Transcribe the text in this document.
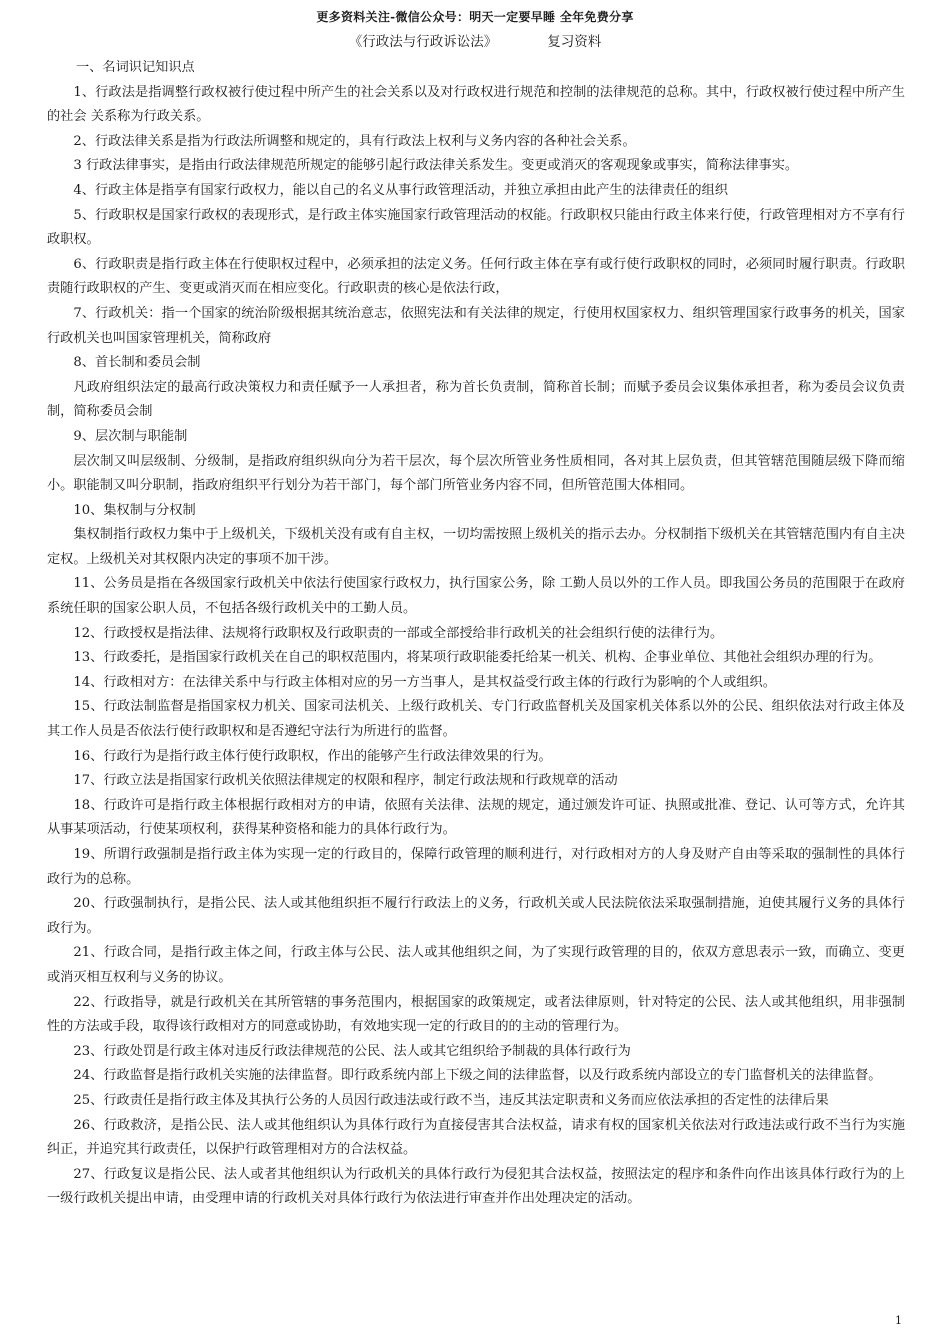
更多资料关注-微信公众号：明天一定要早睡 全年免费分享
《行政法与行政诉讼法》	复习资料

一、名词识记知识点

1、行政法是指调整行政权被行使过程中所产生的社会关系以及对行政权进行规范和控制的法律规范的总称。其中，行政权被行使过程中所产生的社会 关系称为行政关系。

2、行政法律关系是指为行政法所调整和规定的，具有行政法上权利与义务内容的各种社会关系。

3 行政法律事实，是指由行政法律规范所规定的能够引起行政法律关系发生。变更或消灭的客观现象或事实，简称法律事实。

4、行政主体是指享有国家行政权力，能以自己的名义从事行政管理活动，并独立承担由此产生的法律责任的组织

5、行政职权是国家行政权的表现形式，是行政主体实施国家行政管理活动的权能。行政职权只能由行政主体来行使，行政管理相对方不享有行政职权。

6、行政职责是指行政主体在行使职权过程中，必须承担的法定义务。任何行政主体在享有或行使行政职权的同时，必须同时履行职责。行政职责随行政职权的产生、变更或消灭而在相应变化。行政职责的核心是依法行政，

7、行政机关：指一个国家的统治阶级根据其统治意志，依照宪法和有关法律的规定，行使用权国家权力、组织管理国家行政事务的机关，国家行政机关也叫国家管理机关，简称政府

8、首长制和委员会制

凡政府组织法定的最高行政决策权力和责任赋予一人承担者，称为首长负责制，简称首长制；而赋予委员会议集体承担者，称为委员会议负责制，简称委员会制

9、层次制与职能制

层次制又叫层级制、分级制，是指政府组织纵向分为若干层次，每个层次所管业务性质相同，各对其上层负责，但其管辖范围随层级下降而缩小。职能制又叫分职制，指政府组织平行划分为若干部门，每个部门所管业务内容不同，但所管范围大体相同。

10、集权制与分权制

集权制指行政权力集中于上级机关，下级机关没有或有自主权，一切均需按照上级机关的指示去办。分权制指下级机关在其管辖范围内有自主决定权。上级机关对其权限内决定的事项不加干涉。

11、公务员是指在各级国家行政机关中依法行使国家行政权力，执行国家公务，除 工勤人员以外的工作人员。即我国公务员的范围限于在政府系统任职的国家公职人员，不包括各级行政机关中的工勤人员。

12、行政授权是指法律、法规将行政职权及行政职责的一部或全部授给非行政机关的社会组织行使的法律行为。

13、行政委托，是指国家行政机关在自己的职权范围内，将某项行政职能委托给某一机关、机构、企事业单位、其他社会组织办理的行为。

14、行政相对方：在法律关系中与行政主体相对应的另一方当事人，是其权益受行政主体的行政行为影响的个人或组织。

15、行政法制监督是指国家权力机关、国家司法机关、上级行政机关、专门行政监督机关及国家机关体系以外的公民、组织依法对行政主体及其工作人员是否依法行使行政职权和是否遵纪守法行为所进行的监督。

16、行政行为是指行政主体行使行政职权，作出的能够产生行政法律效果的行为。

17、行政立法是指国家行政机关依照法律规定的权限和程序，制定行政法规和行政规章的活动

18、行政许可是指行政主体根据行政相对方的申请，依照有关法律、法规的规定，通过颁发许可证、执照或批准、登记、认可等方式，允许其从事某项活动，行使某项权利，获得某种资格和能力的具体行政行为。

19、所谓行政强制是指行政主体为实现一定的行政目的，保障行政管理的顺利进行，对行政相对方的人身及财产自由等采取的强制性的具体行政行为的总称。

20、行政强制执行，是指公民、法人或其他组织拒不履行行政法上的义务，行政机关或人民法院依法采取强制措施，迫使其履行义务的具体行政行为。

21、行政合同，是指行政主体之间，行政主体与公民、法人或其他组织之间，为了实现行政管理的目的，依双方意思表示一致，而确立、变更或消灭相互权利与义务的协议。

22、行政指导，就是行政机关在其所管辖的事务范围内，根据国家的政策规定，或者法律原则，针对特定的公民、法人或其他组织，用非强制性的方法或手段，取得该行政相对方的同意或协助，有效地实现一定的行政目的的主动的管理行为。

23、行政处罚是行政主体对违反行政法律规范的公民、法人或其它组织给予制裁的具体行政行为

24、行政监督是指行政机关实施的法律监督。即行政系统内部上下级之间的法律监督，以及行政系统内部设立的专门监督机关的法律监督。

25、行政责任是指行政主体及其执行公务的人员因行政违法或行政不当，违反其法定职责和义务而应依法承担的否定性的法律后果

26、行政救济，是指公民、法人或其他组织认为具体行政行为直接侵害其合法权益，请求有权的国家机关依法对行政违法或行政不当行为实施纠正，并追究其行政责任，以保护行政管理相对方的合法权益。

27、行政复议是指公民、法人或者其他组织认为行政机关的具体行政行为侵犯其合法权益，按照法定的程序和条件向作出该具体行政行为的上一级行政机关提出申请，由受理申请的行政机关对具体行政行为依法进行审查并作出处理决定的活动。

1
